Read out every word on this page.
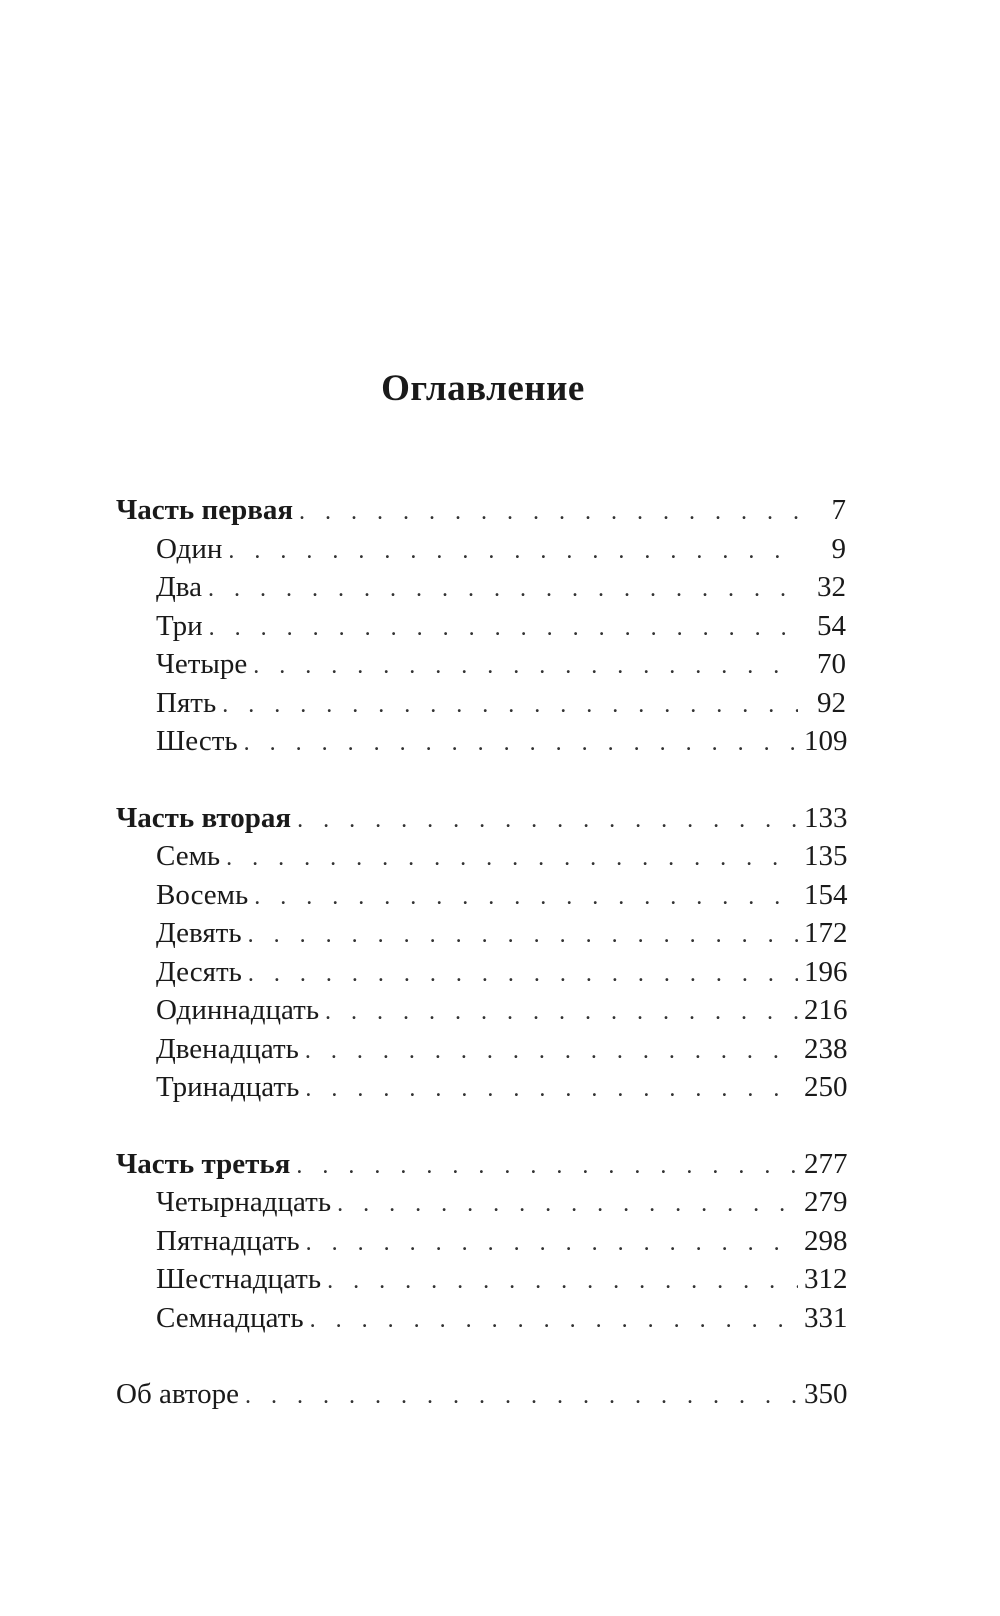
Оглавление
Часть первая . . .	7
Один . . .	9
Два . . .	32
Три . . .	54
Четыре . . .	70
Пять . . .	92
Шесть . . .	109
Часть вторая . . .	133
Семь . . .	135
Восемь . . .	154
Девять . . .	172
Десять . . .	196
Одиннадцать . . .	216
Двенадцать . . .	238
Тринадцать . . .	250
Часть третья . . .	277
Четырнадцать . . .	279
Пятнадцать . . .	298
Шестнадцать . . .	312
Семнадцать . . .	331
Об авторе . . .	350
